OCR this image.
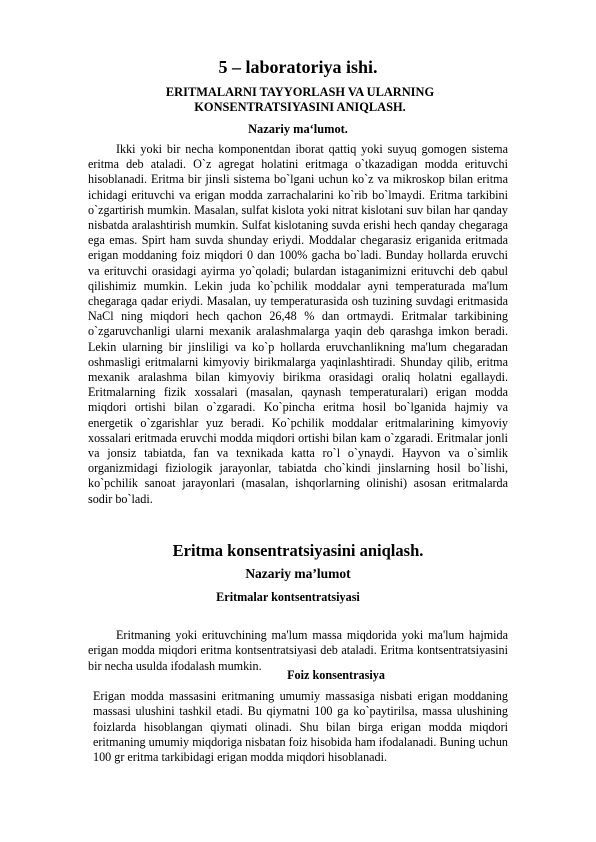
5 – laboratoriya ishi.
ERITMALARNI TAYYORLASH VA ULARNING KONSENTRATSIYASINI ANIQLASH.
Nazariy ma‘lumot.

Ikki yoki bir necha komponentdan iborat qattiq yoki suyuq gomogen sistema eritma deb ataladi. O`z agregat holatini eritmaga o`tkazadigan modda erituvchi hisoblanadi. Eritma bir jinsli sistema bo`lgani uchun ko`z va mikroskop bilan eritma ichidagi erituvchi va erigan modda zarrachalarini ko`rib bo`lmaydi. Eritma tarkibini o`zgartirish mumkin. Masalan, sulfat kislota yoki nitrat kislotani suv bilan har qanday nisbatda aralashtirish mumkin. Sulfat kislotaning suvda erishi hech qanday chegaraga ega emas. Spirt ham suvda shunday eriydi. Moddalar chegarasiz eriganida eritmada erigan moddaning foiz miqdori 0 dan 100% gacha bo`ladi. Bunday hollarda eruvchi va erituvchi orasidagi ayirma yo`qoladi; bulardan istaganimizni erituvchi deb qabul qilishimiz mumkin. Lekin juda ko`pchilik moddalar ayni temperaturada ma'lum chegaraga qadar eriydi. Masalan, uy temperaturasida osh tuzining suvdagi eritmasida NaCl ning miqdori hech qachon 26,48 % dan ortmaydi. Eritmalar tarkibining o`zgaruvchanligi ularni mexanik aralashmalarga yaqin deb qarashga imkon beradi. Lekin ularning bir jinsliligi va ko`p hollarda eruvchanlikning ma'lum chegaradan oshmasligi eritmalarni kimyoviy birikmalarga yaqinlashtiradi. Shunday qilib, eritma mexanik aralashma bilan kimyoviy birikma orasidagi oraliq holatni egallaydi. Eritmalarning fizik xossalari (masalan, qaynash temperaturalari) erigan modda miqdori ortishi bilan o`zgaradi. Ko`pincha eritma hosil bo`lganida hajmiy va energetik o`zgarishlar yuz beradi. Ko`pchilik moddalar eritmalarining kimyoviy xossalari eritmada eruvchi modda miqdori ortishi bilan kam o`zgaradi. Eritmalar jonli va jonsiz tabiatda, fan va texnikada katta ro`l o`ynaydi. Hayvon va o`simlik organizmidagi fiziologik jarayonlar, tabiatda cho`kindi jinslarning hosil bo`lishi, ko`pchilik sanoat jarayonlari (masalan, ishqorlarning olinishi) asosan eritmalarda sodir bo`ladi.

Eritma konsentratsiyasini aniqlash.
Nazariy ma’lumot
Eritmalar kontsentratsiyasi

Eritmaning yoki erituvchining ma'lum massa miqdorida yoki ma'lum hajmida erigan modda miqdori eritma kontsentratsiyasi deb ataladi. Eritma kontsentratsiyasini bir necha usulda ifodalash mumkin.

Foiz konsentrasiya

Erigan modda massasini eritmaning umumiy massasiga nisbati erigan moddaning massasi ulushini tashkil etadi. Bu qiymatni 100 ga ko`paytirilsa, massa ulushining foizlarda hisoblangan qiymati olinadi. Shu bilan birga erigan modda miqdori eritmaning umumiy miqdoriga nisbatan foiz hisobida ham ifodalanadi. Buning uchun 100 gr eritma tarkibidagi erigan modda miqdori hisoblanadi.
